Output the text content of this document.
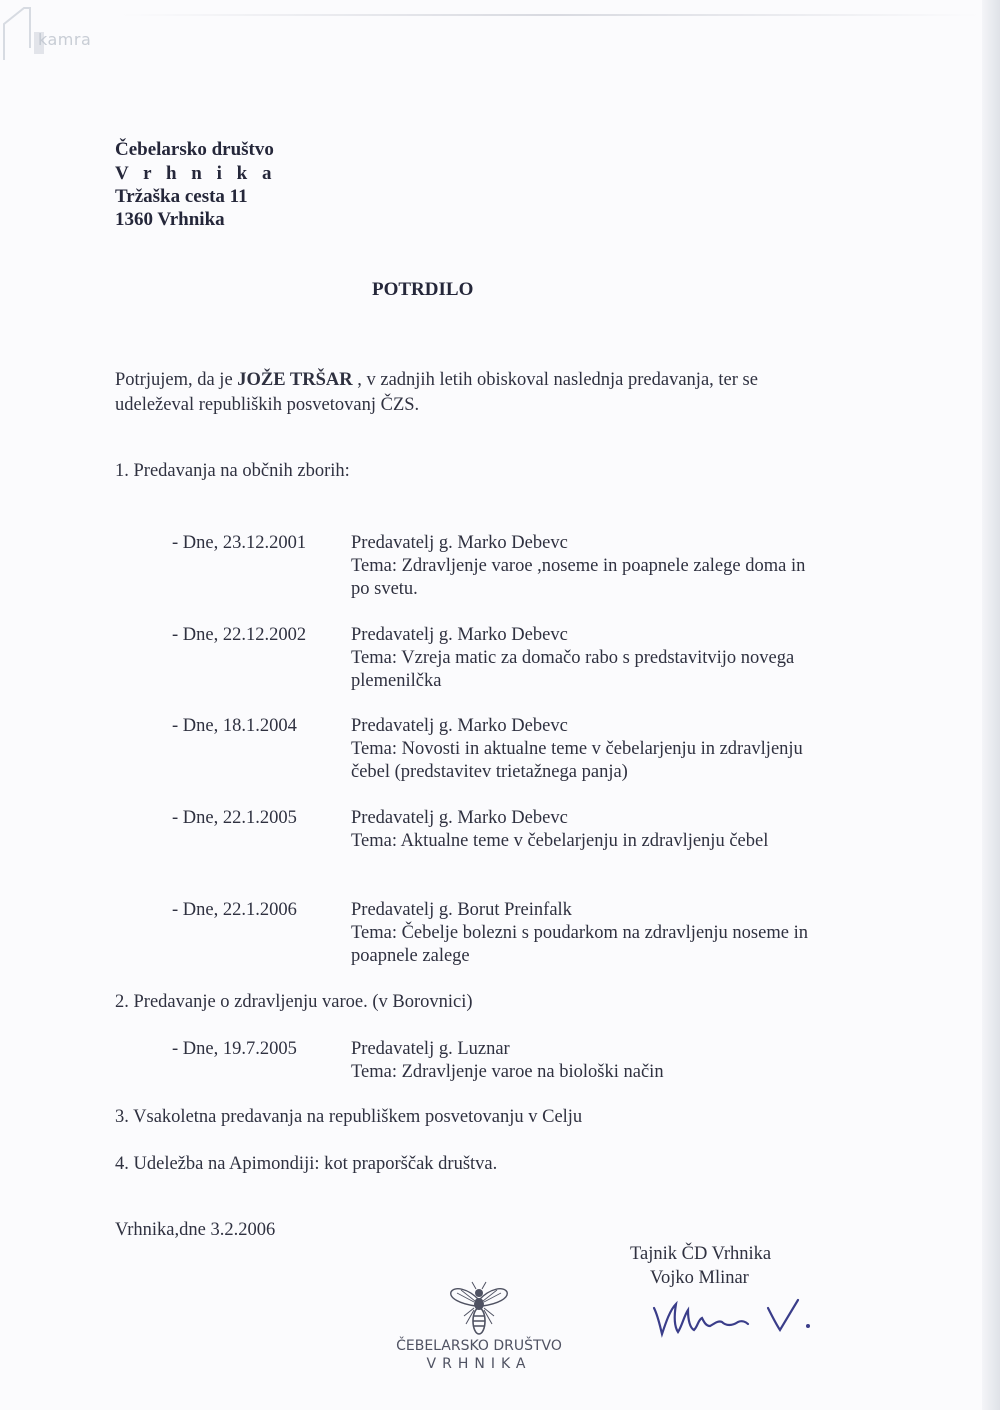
kamra
Čebelarsko društvo
V r h n i k a
Tržaška cesta 11
1360 Vrhnika
POTRDILO
Potrjujem, da je JOŽE TRŠAR , v zadnjih letih obiskoval naslednja predavanja, ter se
udeleževal republiških posvetovanj ČZS.
1. Predavanja na občnih zborih:
- Dne, 23.12.2001 Predavatelj g. Marko Debevc
Tema: Zdravljenje varoe ,noseme in poapnele zalege doma in
po svetu.
- Dne, 22.12.2002 Predavatelj g. Marko Debevc
Tema: Vzreja matic za domačo rabo s predstavitvijo novega
plemenilčka
- Dne, 18.1.2004	Predavatelj g. Marko Debevc
Tema: Novosti in aktualne teme v čebelarjenju in zdravljenju
čebel (predstavitev trietažnega panja)
- Dne, 22.1.2005	Predavatelj g. Marko Debevc
Tema: Aktualne teme v čebelarjenju in zdravljenju čebel
- Dne, 22.1.2006	Predavatelj g. Borut Preinfalk
Tema: Čebelje bolezni s poudarkom na zdravljenju noseme in
poapnele zalege
2. Predavanje o zdravljenju varoe. (v Borovnici)
- Dne, 19.7.2005	Predavatelj g. Luznar
Tema: Zdravljenje varoe na biološki način
3. Vsakoletna predavanja na republiškem posvetovanju v Celju
4. Udeležba na Apimondiji: kot praporščak društva.
Vrhnika,dne 3.2.2006
Tajnik ČD Vrhnika
Vojko Mlinar
ČEBELARSKO DRUŠTVO
VRHNIKA
